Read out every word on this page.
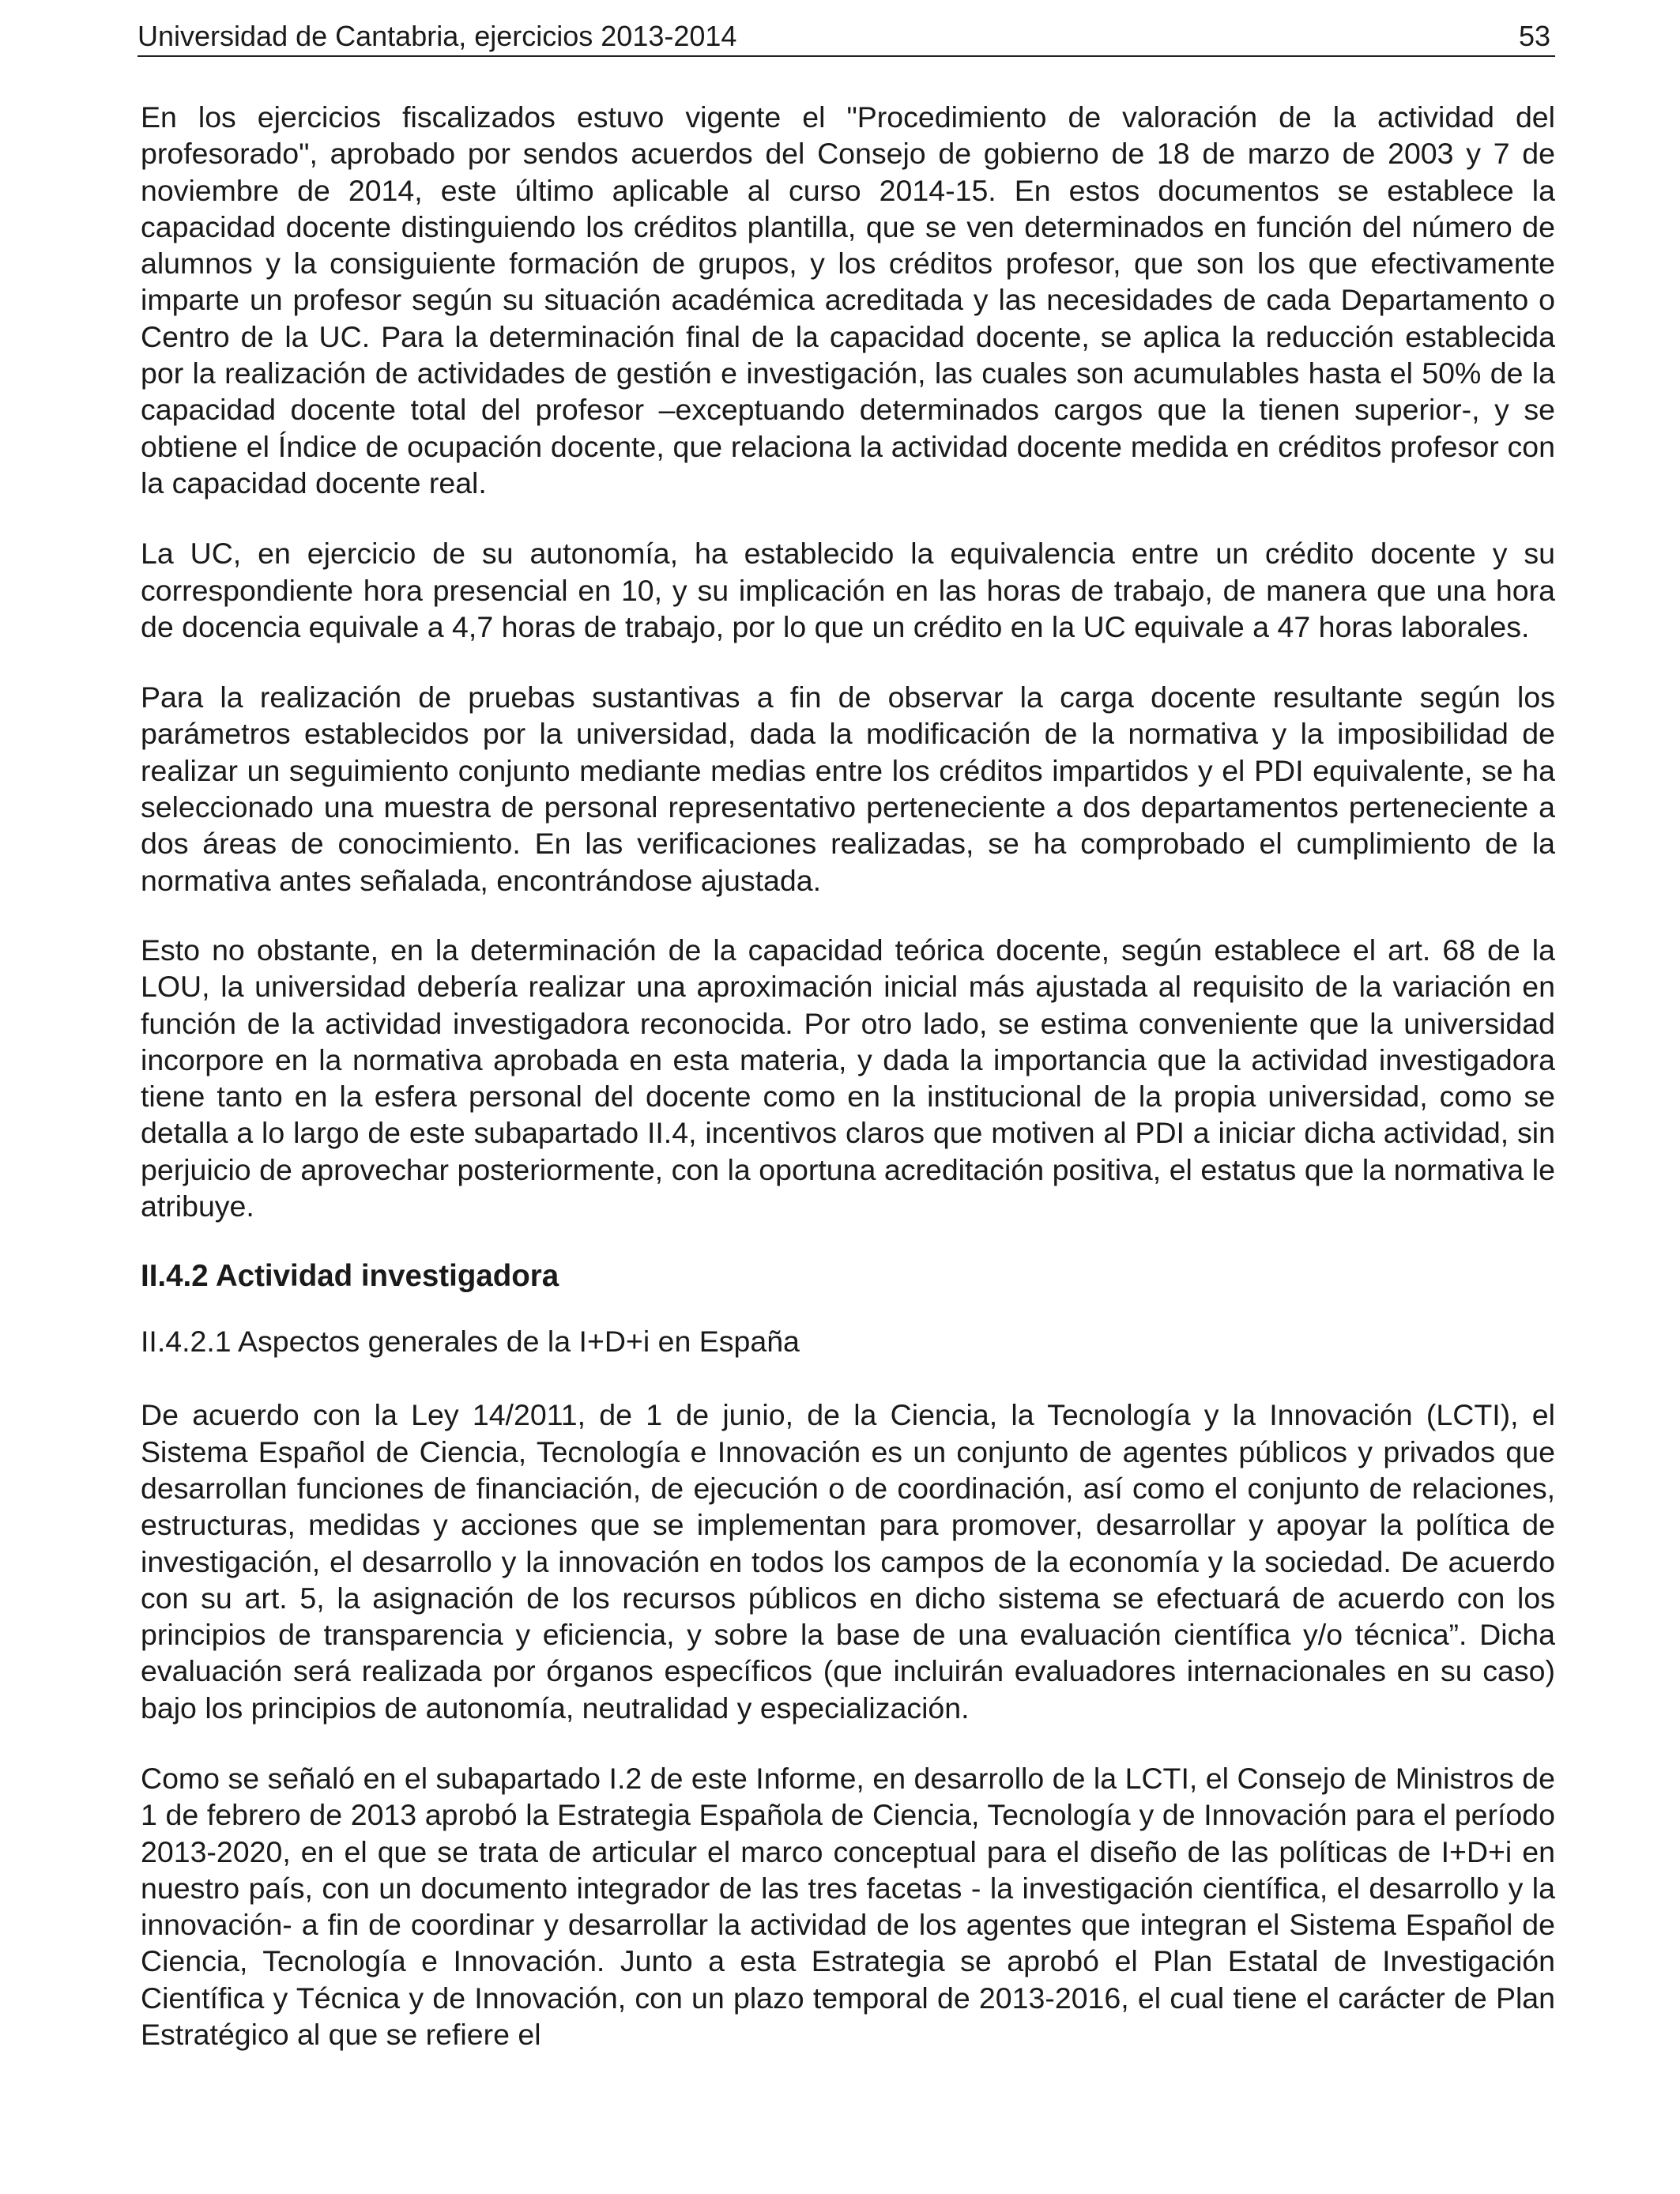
Universidad de Cantabria, ejercicios 2013-2014	53

En los ejercicios fiscalizados estuvo vigente el "Procedimiento de valoración de la actividad del profesorado", aprobado por sendos acuerdos del Consejo de gobierno de 18 de marzo de 2003 y 7 de noviembre de 2014, este último aplicable al curso 2014-15. En estos documentos se establece la capacidad docente distinguiendo los créditos plantilla, que se ven determinados en función del número de alumnos y la consiguiente formación de grupos, y los créditos profesor, que son los que efectivamente imparte un profesor según su situación académica acreditada y las necesidades de cada Departamento o Centro de la UC. Para la determinación final de la capacidad docente, se aplica la reducción establecida por la realización de actividades de gestión e investigación, las cuales son acumulables hasta el 50% de la capacidad docente total del profesor –exceptuando determinados cargos que la tienen superior-, y se obtiene el Índice de ocupación docente, que relaciona la actividad docente medida en créditos profesor con la capacidad docente real.

La UC, en ejercicio de su autonomía, ha establecido la equivalencia entre un crédito docente y su correspondiente hora presencial en 10, y su implicación en las horas de trabajo, de manera que una hora de docencia equivale a 4,7 horas de trabajo, por lo que un crédito en la UC equivale a 47 horas laborales.

Para la realización de pruebas sustantivas a fin de observar la carga docente resultante según los parámetros establecidos por la universidad, dada la modificación de la normativa y la imposibilidad de realizar un seguimiento conjunto mediante medias entre los créditos impartidos y el PDI equivalente, se ha seleccionado una muestra de personal representativo perteneciente a dos departamentos perteneciente a dos áreas de conocimiento. En las verificaciones realizadas, se ha comprobado el cumplimiento de la normativa antes señalada, encontrándose ajustada.

Esto no obstante, en la determinación de la capacidad teórica docente, según establece el art. 68 de la LOU, la universidad debería realizar una aproximación inicial más ajustada al requisito de la variación en función de la actividad investigadora reconocida. Por otro lado, se estima conveniente que la universidad incorpore en la normativa aprobada en esta materia, y dada la importancia que la actividad investigadora tiene tanto en la esfera personal del docente como en la institucional de la propia universidad, como se detalla a lo largo de este subapartado II.4, incentivos claros que motiven al PDI a iniciar dicha actividad, sin perjuicio de aprovechar posteriormente, con la oportuna acreditación positiva, el estatus que la normativa le atribuye.

II.4.2 Actividad investigadora
II.4.2.1 Aspectos generales de la I+D+i en España

De acuerdo con la Ley 14/2011, de 1 de junio, de la Ciencia, la Tecnología y la Innovación (LCTI), el Sistema Español de Ciencia, Tecnología e Innovación es un conjunto de agentes públicos y privados que desarrollan funciones de financiación, de ejecución o de coordinación, así como el conjunto de relaciones, estructuras, medidas y acciones que se implementan para promover, desarrollar y apoyar la política de investigación, el desarrollo y la innovación en todos los campos de la economía y la sociedad. De acuerdo con su art. 5, la asignación de los recursos públicos en dicho sistema se efectuará de acuerdo con los principios de transparencia y eficiencia, y sobre la base de una evaluación científica y/o técnica”. Dicha evaluación será realizada por órganos específicos (que incluirán evaluadores internacionales en su caso) bajo los principios de autonomía, neutralidad y especialización.

Como se señaló en el subapartado I.2 de este Informe, en desarrollo de la LCTI, el Consejo de Ministros de 1 de febrero de 2013 aprobó la Estrategia Española de Ciencia, Tecnología y de Innovación para el período 2013-2020, en el que se trata de articular el marco conceptual para el diseño de las políticas de I+D+i en nuestro país, con un documento integrador de las tres facetas - la investigación científica, el desarrollo y la innovación- a fin de coordinar y desarrollar la actividad de los agentes que integran el Sistema Español de Ciencia, Tecnología e Innovación. Junto a esta Estrategia se aprobó el Plan Estatal de Investigación Científica y Técnica y de Innovación, con un plazo temporal de 2013-2016, el cual tiene el carácter de Plan Estratégico al que se refiere el
